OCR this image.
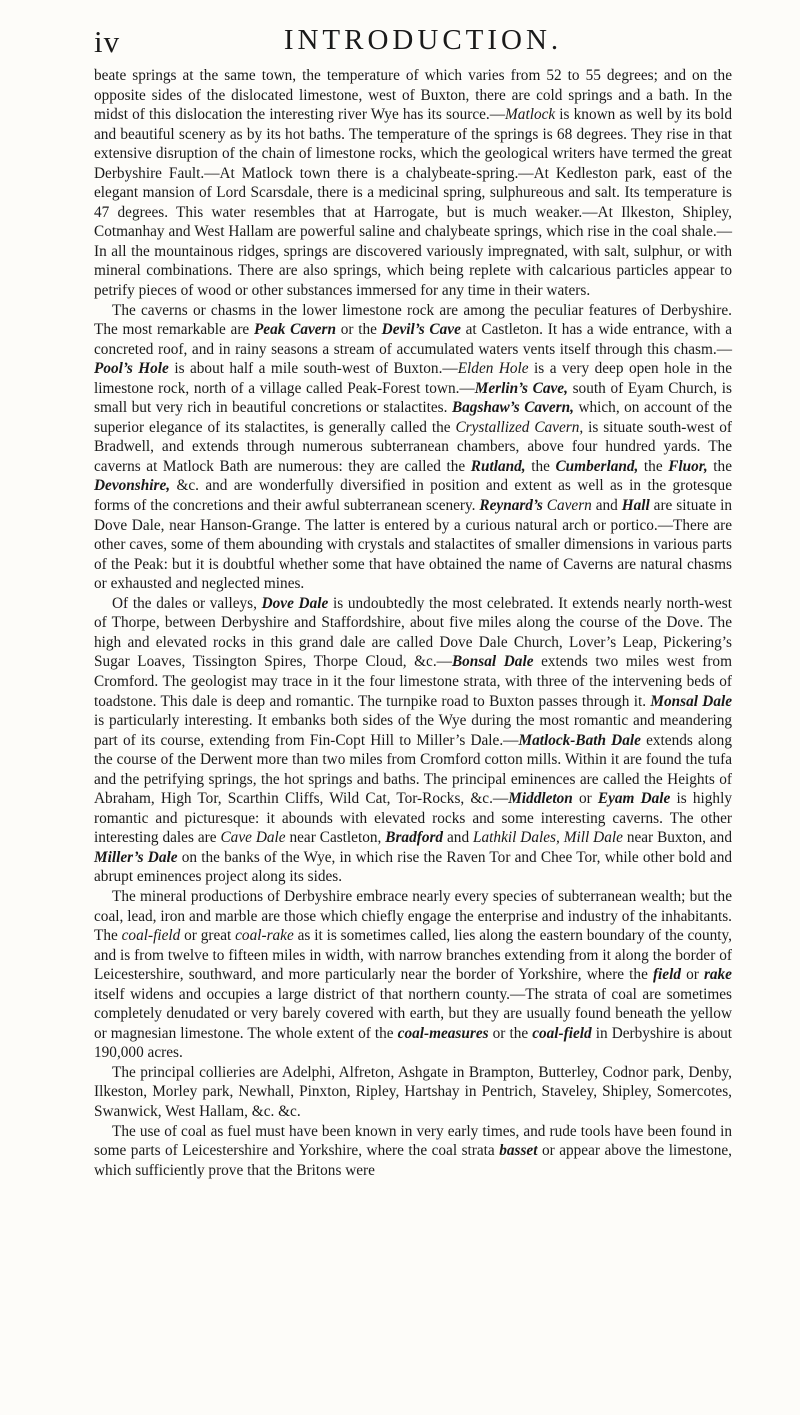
iv	INTRODUCTION.

beate springs at the same town, the temperature of which varies from 52 to 55 degrees; and on the opposite sides of the dislocated limestone, west of Buxton, there are cold springs and a bath. In the midst of this dislocation the interesting river Wye has its source.—Matlock is known as well by its bold and beautiful scenery as by its hot baths. The temperature of the springs is 68 degrees. They rise in that extensive disruption of the chain of limestone rocks, which the geological writers have termed the great Derbyshire Fault.—At Matlock town there is a chalybeate-spring.—At Kedleston park, east of the elegant mansion of Lord Scarsdale, there is a medicinal spring, sulphureous and salt. Its temperature is 47 degrees. This water resembles that at Harrogate, but is much weaker.—At Ilkeston, Shipley, Cotmanhay and West Hallam are powerful saline and chalybeate springs, which rise in the coal shale.—In all the mountainous ridges, springs are discovered variously impregnated, with salt, sulphur, or with mineral combinations. There are also springs, which being replete with calcarious particles appear to petrify pieces of wood or other substances immersed for any time in their waters.

The caverns or chasms in the lower limestone rock are among the peculiar features of Derbyshire. The most remarkable are Peak Cavern or the Devil’s Cave at Castleton. It has a wide entrance, with a concreted roof, and in rainy seasons a stream of accumulated waters vents itself through this chasm.—Pool’s Hole is about half a mile south-west of Buxton.—Elden Hole is a very deep open hole in the limestone rock, north of a village called Peak-Forest town.—Merlin’s Cave, south of Eyam Church, is small but very rich in beautiful concretions or stalactites. Bagshaw’s Cavern, which, on account of the superior elegance of its stalactites, is generally called the Crystallized Cavern, is situate south-west of Bradwell, and extends through numerous subterranean chambers, above four hundred yards. The caverns at Matlock Bath are numerous: they are called the Rutland, the Cumberland, the Fluor, the Devonshire, &c. and are wonderfully diversified in position and extent as well as in the grotesque forms of the concretions and their awful subterranean scenery. Reynard’s Cavern and Hall are situate in Dove Dale, near Hanson-Grange. The latter is entered by a curious natural arch or portico.—There are other caves, some of them abounding with crystals and stalactites of smaller dimensions in various parts of the Peak: but it is doubtful whether some that have obtained the name of Caverns are natural chasms or exhausted and neglected mines.

Of the dales or valleys, Dove Dale is undoubtedly the most celebrated. It extends nearly north-west of Thorpe, between Derbyshire and Staffordshire, about five miles along the course of the Dove. The high and elevated rocks in this grand dale are called Dove Dale Church, Lover’s Leap, Pickering’s Sugar Loaves, Tissington Spires, Thorpe Cloud, &c.—Bonsal Dale extends two miles west from Cromford. The geologist may trace in it the four limestone strata, with three of the intervening beds of toadstone. This dale is deep and romantic. The turnpike road to Buxton passes through it. Monsal Dale is particularly interesting. It embanks both sides of the Wye during the most romantic and meandering part of its course, extending from Fin-Copt Hill to Miller’s Dale.—Matlock-Bath Dale extends along the course of the Derwent more than two miles from Cromford cotton mills. Within it are found the tufa and the petrifying springs, the hot springs and baths. The principal eminences are called the Heights of Abraham, High Tor, Scarthin Cliffs, Wild Cat, Tor-Rocks, &c.—Middleton or Eyam Dale is highly romantic and picturesque: it abounds with elevated rocks and some interesting caverns. The other interesting dales are Cave Dale near Castleton, Bradford and Lathkil Dales, Mill Dale near Buxton, and Miller’s Dale on the banks of the Wye, in which rise the Raven Tor and Chee Tor, while other bold and abrupt eminences project along its sides.

The mineral productions of Derbyshire embrace nearly every species of subterranean wealth; but the coal, lead, iron and marble are those which chiefly engage the enterprise and industry of the inhabitants. The coal-field or great coal-rake as it is sometimes called, lies along the eastern boundary of the county, and is from twelve to fifteen miles in width, with narrow branches extending from it along the border of Leicestershire, southward, and more particularly near the border of Yorkshire, where the field or rake itself widens and occupies a large district of that northern county.—The strata of coal are sometimes completely denudated or very barely covered with earth, but they are usually found beneath the yellow or magnesian limestone. The whole extent of the coal-measures or the coal-field in Derbyshire is about 190,000 acres.

The principal collieries are Adelphi, Alfreton, Ashgate in Brampton, Butterley, Codnor park, Denby, Ilkeston, Morley park, Newhall, Pinxton, Ripley, Hartshay in Pentrich, Staveley, Shipley, Somercotes, Swanwick, West Hallam, &c. &c.

The use of coal as fuel must have been known in very early times, and rude tools have been found in some parts of Leicestershire and Yorkshire, where the coal strata basset or appear above the limestone, which sufficiently prove that the Britons were
